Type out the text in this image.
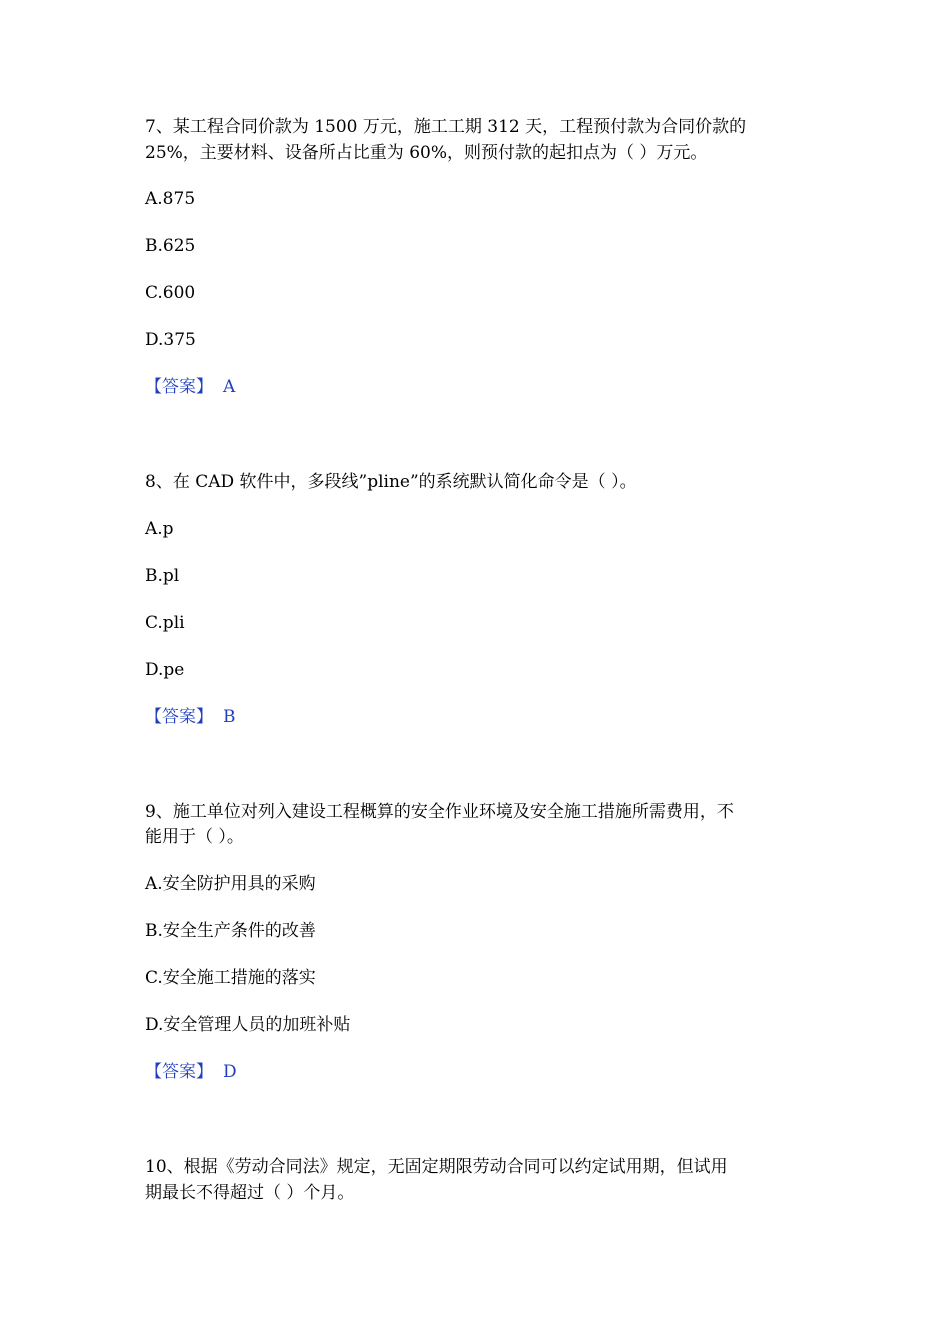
7、某工程合同价款为 1500 万元，施工工期 312 天，工程预付款为合同价款的
25%，主要材料、设备所占比重为 60%，则预付款的起扣点为（ ）万元。
A.875
B.625
C.600
D.375
【答案】 A
8、在 CAD 软件中，多段线”pline”的系统默认简化命令是（ ）。
A.p
B.pl
C.pli
D.pe
【答案】 B
9、施工单位对列入建设工程概算的安全作业环境及安全施工措施所需费用，不
能用于（ ）。
A.安全防护用具的采购
B.安全生产条件的改善
C.安全施工措施的落实
D.安全管理人员的加班补贴
【答案】 D
10、根据《劳动合同法》规定，无固定期限劳动合同可以约定试用期，但试用
期最长不得超过（ ）个月。
